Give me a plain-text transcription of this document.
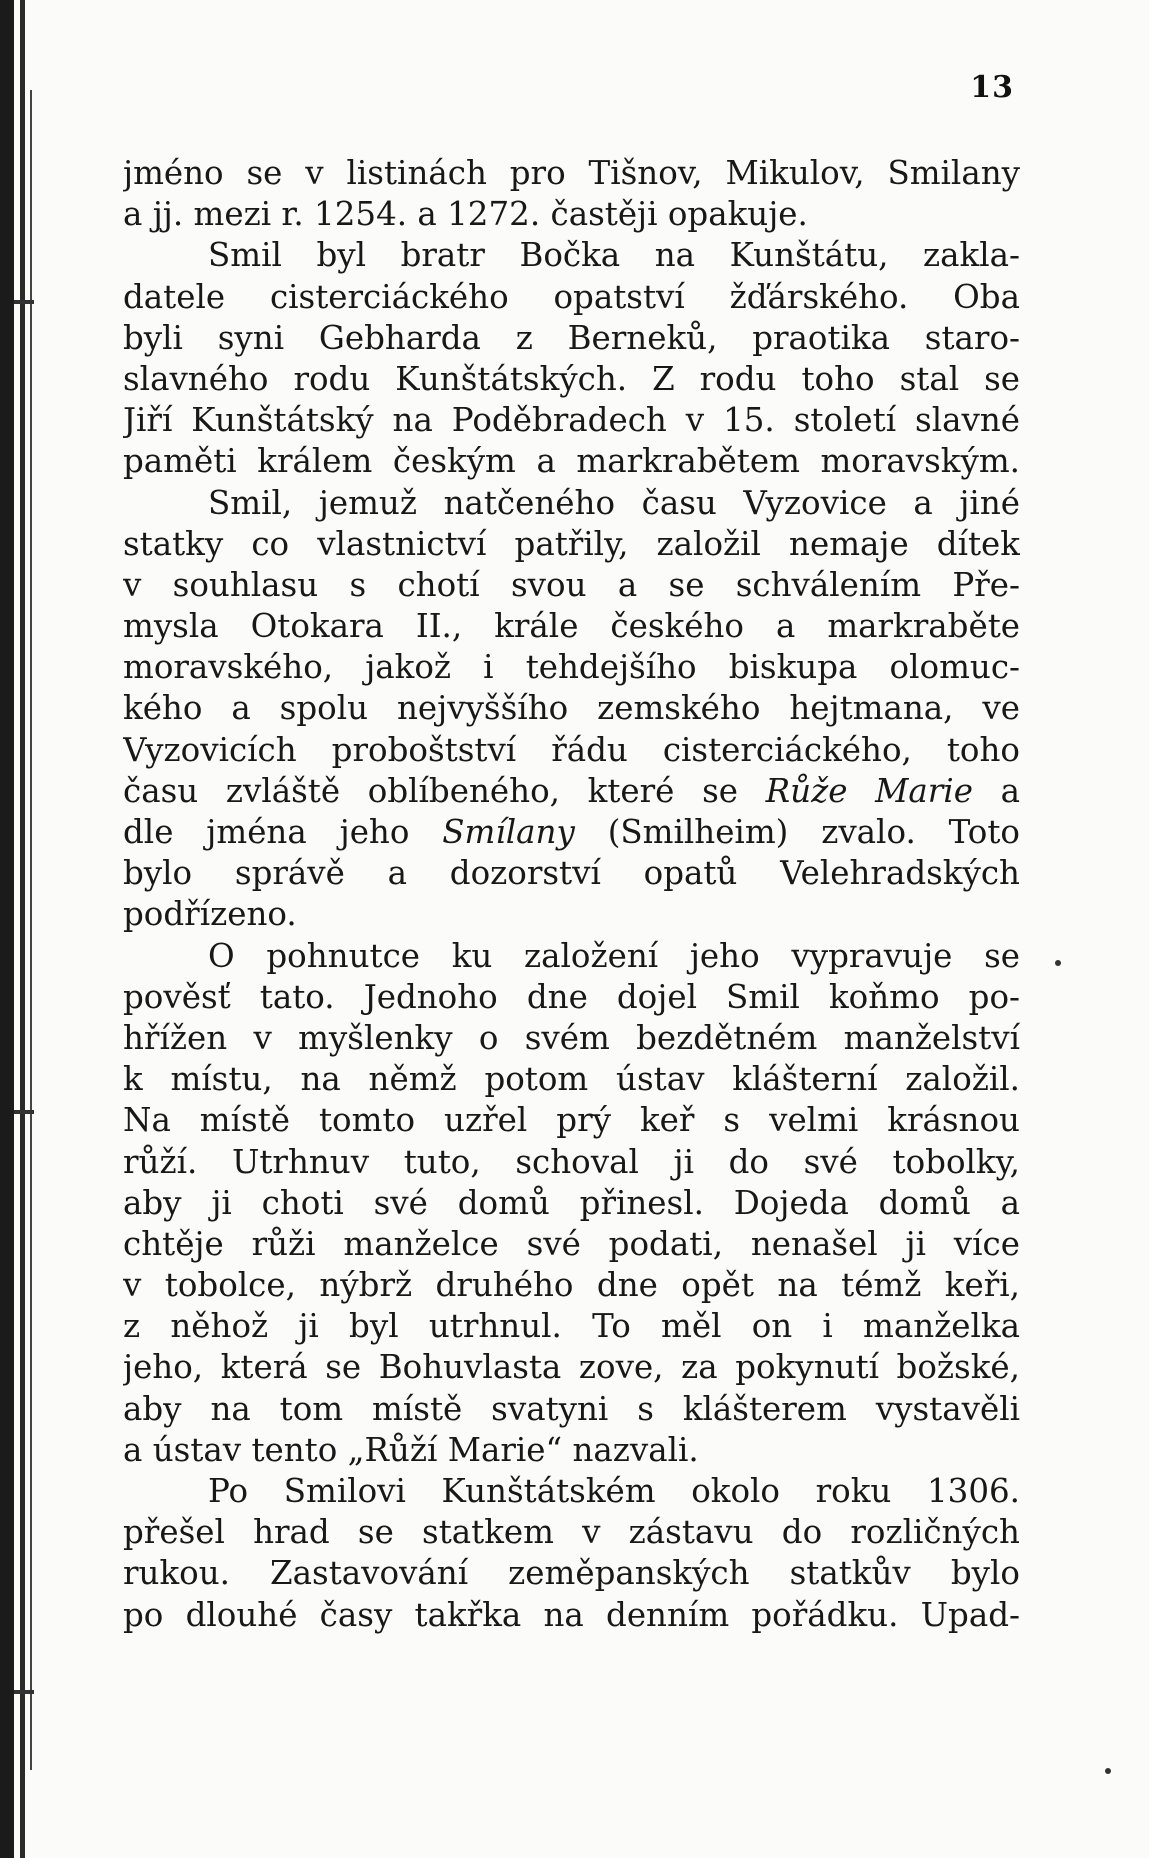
13
jméno se v listinách pro Tišnov, Mikulov, Smilany
a jj. mezi r. 1254. a 1272. častěji opakuje.
Smil byl bratr Bočka na Kunštátu, zakla-
datele cisterciáckého opatství žďárského. Oba
byli syni Gebharda z Berneků, praotika staro-
slavného rodu Kunštátských. Z rodu toho stal se
Jiří Kunštátský na Poděbradech v 15. století slavné
paměti králem českým a markrabětem moravským.
Smil, jemuž natčeného času Vyzovice a jiné
statky co vlastnictví patřily, založil nemaje dítek
v souhlasu s chotí svou a se schválením Pře-
mysla Otokara II., krále českého a markraběte
moravského, jakož i tehdejšího biskupa olomuc-
kého a spolu nejvyššího zemského hejtmana, ve
Vyzovicích proboštství řádu cisterciáckého, toho
času zvláště oblíbeného, které se Růže Marie a
dle jména jeho Smílany (Smilheim) zvalo. Toto
bylo správě a dozorství opatů Velehradských
podřízeno.
O pohnutce ku založení jeho vypravuje se
pověsť tato. Jednoho dne dojel Smil koňmo po-
hřížen v myšlenky o svém bezdětném manželství
k místu, na němž potom ústav klášterní založil.
Na místě tomto uzřel prý keř s velmi krásnou
růží. Utrhnuv tuto, schoval ji do své tobolky,
aby ji choti své domů přinesl. Dojeda domů a
chtěje růži manželce své podati, nenašel ji více
v tobolce, nýbrž druhého dne opět na témž keři,
z něhož ji byl utrhnul. To měl on i manželka
jeho, která se Bohuvlasta zove, za pokynutí božské,
aby na tom místě svatyni s klášterem vystavěli
a ústav tento „Růží Marie“ nazvali.
Po Smilovi Kunštátském okolo roku 1306.
přešel hrad se statkem v zástavu do rozličných
rukou. Zastavování zeměpanských statkův bylo
po dlouhé časy takřka na denním pořádku. Upad-
